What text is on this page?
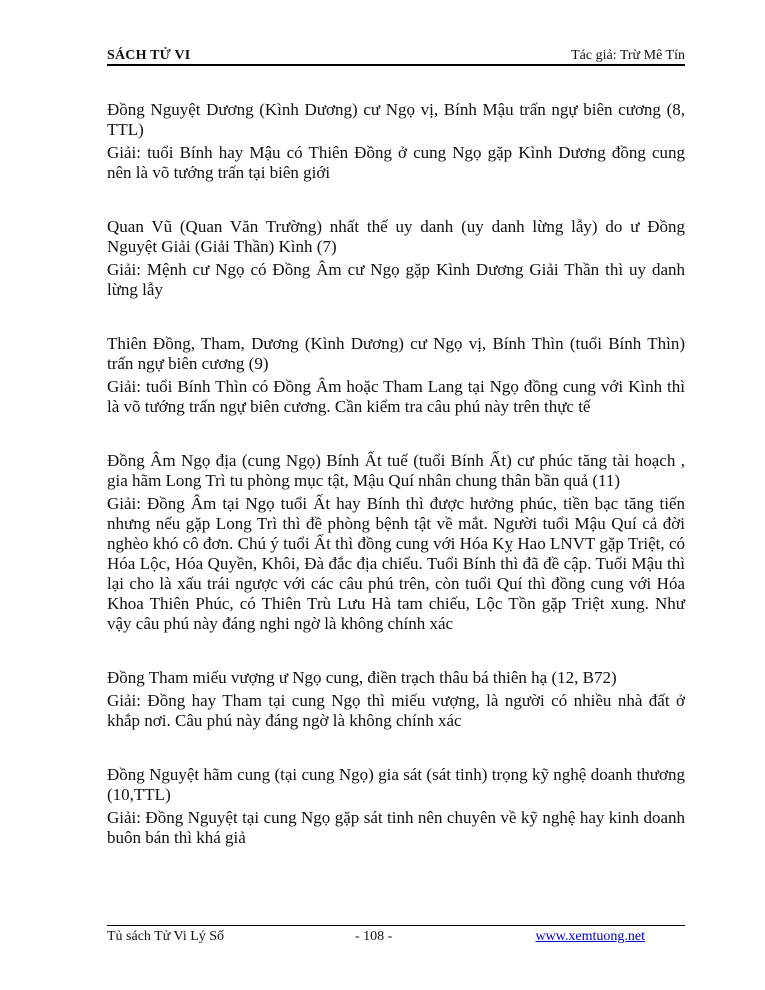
SÁCH TỬ VI	Tác giả: Trừ Mê Tín

Đồng Nguyệt Dương (Kình Dương) cư Ngọ vị, Bính Mậu trấn ngự biên cương (8, TTL)

Giải: tuổi Bính hay Mậu có Thiên Đồng ở cung Ngọ gặp Kình Dương đồng cung nên là võ tướng trấn tại biên giới

Quan Vũ (Quan Văn Trường) nhất thế uy danh (uy danh lừng lẫy) do ư Đồng Nguyệt Giải (Giải Thần) Kình (7)

Giải: Mệnh cư Ngọ có Đồng Âm cư Ngọ gặp Kình Dương Giải Thần thì uy danh lừng lẫy

Thiên Đồng, Tham, Dương (Kình Dương) cư Ngọ vị, Bính Thìn (tuổi Bính Thìn) trấn ngự biên cương (9)

Giải: tuổi Bính Thìn có Đồng Âm hoặc Tham Lang tại Ngọ đồng cung với Kình thì là võ tướng trấn ngự biên cương. Cần kiểm tra câu phú này trên thực tế

Đồng Âm Ngọ địa (cung Ngọ) Bính Ất tuế (tuổi Bính Ất) cư phúc tăng tài hoạch , gia hãm Long Trì tu phòng mục tật, Mậu Quí nhân chung thân bần quả (11)

Giải: Đồng Âm tại Ngọ tuổi Ất hay Bính thì được hưởng phúc, tiền bạc tăng tiến nhưng nếu gặp Long Trì thì đề phòng bệnh tật về mắt. Người tuổi Mậu Quí cả đời nghèo khó cô đơn. Chú ý tuổi Ất thì đồng cung với Hóa Kỵ Hao LNVT gặp Triệt, có Hóa Lộc, Hóa Quyền, Khôi, Đà đắc địa chiếu. Tuổi Bính thì đã đề cập. Tuổi Mậu thì lại cho là xấu trái ngược với các câu phú trên, còn tuổi Quí thì đồng cung với Hóa Khoa Thiên Phúc, có Thiên Trù Lưu Hà tam chiếu, Lộc Tồn gặp Triệt xung. Như vậy câu phú này đáng nghi ngờ là không chính xác

Đồng Tham miếu vượng ư Ngọ cung, điền trạch thâu bá thiên hạ (12, B72)

Giải: Đồng hay Tham tại cung Ngọ thì miếu vượng, là người có nhiều nhà đất ở khắp nơi. Câu phú này đáng ngờ là không chính xác

Đồng Nguyệt hãm cung (tại cung Ngọ) gia sát (sát tinh) trọng kỹ nghệ doanh thương (10,TTL)

Giải: Đồng Nguyệt tại cung Ngọ gặp sát tinh nên chuyên về kỹ nghệ hay kinh doanh buôn bán thì khá giả

Tủ sách Tử Vi Lý Số	- 108 -	www.xemtuong.net
